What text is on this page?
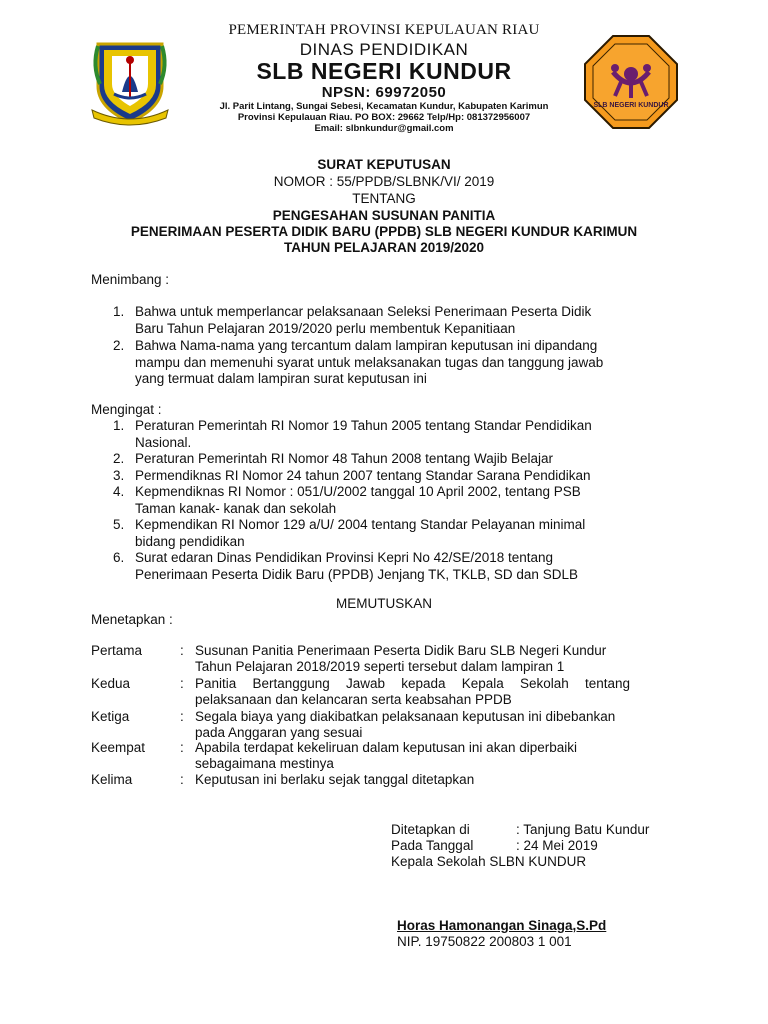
PEMERINTAH PROVINSI KEPULAUAN RIAU
DINAS PENDIDIKAN
SLB NEGERI KUNDUR
NPSN: 69972050
Jl. Parit Lintang, Sungai Sebesi, Kecamatan Kundur, Kabupaten Karimun
Provinsi Kepulauan Riau. PO BOX: 29662 Telp/Hp: 081372956007
Email: slbnkundur@gmail.com
SLB NEGERI KUNDUR
SURAT KEPUTUSAN
NOMOR : 55/PPDB/SLBNK/VI/ 2019
TENTANG
PENGESAHAN SUSUNAN PANITIA
PENERIMAAN PESERTA DIDIK BARU (PPDB) SLB NEGERI KUNDUR KARIMUN
TAHUN PELAJARAN 2019/2020
Menimbang :
1. Bahwa untuk memperlancar pelaksanaan Seleksi Penerimaan Peserta Didik
Baru Tahun Pelajaran 2019/2020 perlu membentuk Kepanitiaan
2. Bahwa Nama-nama yang tercantum dalam lampiran keputusan ini dipandang
mampu dan memenuhi syarat untuk melaksanakan tugas dan tanggung jawab
yang termuat dalam lampiran surat keputusan ini
Mengingat :
1. Peraturan Pemerintah RI Nomor 19 Tahun 2005 tentang Standar Pendidikan
Nasional.
2. Peraturan Pemerintah RI Nomor 48 Tahun 2008 tentang Wajib Belajar
3. Permendiknas RI Nomor 24 tahun 2007 tentang Standar Sarana Pendidikan
4. Kepmendiknas RI Nomor : 051/U/2002 tanggal 10 April 2002, tentang PSB
Taman kanak- kanak dan sekolah
5. Kepmendikan RI Nomor 129 a/U/ 2004 tentang Standar Pelayanan minimal
bidang pendidikan
6. Surat edaran Dinas Pendidikan Provinsi Kepri No 42/SE/2018 tentang
Penerimaan Peserta Didik Baru (PPDB) Jenjang TK, TKLB, SD dan SDLB
MEMUTUSKAN
Menetapkan :
Pertama	: Susunan Panitia Penerimaan Peserta Didik Baru SLB Negeri Kundur
Tahun Pelajaran 2018/2019 seperti tersebut dalam lampiran 1
Kedua	: Panitia Bertanggung Jawab kepada Kepala Sekolah tentang
pelaksanaan dan kelancaran serta keabsahan PPDB
Ketiga	: Segala biaya yang diakibatkan pelaksanaan keputusan ini dibebankan
pada Anggaran yang sesuai
Keempat	: Apabila terdapat kekeliruan dalam keputusan ini akan diperbaiki
sebagaimana mestinya
Kelima	: Keputusan ini berlaku sejak tanggal ditetapkan
Ditetapkan di	: Tanjung Batu Kundur
Pada Tanggal	: 24 Mei 2019
Kepala Sekolah SLBN KUNDUR
Horas Hamonangan Sinaga,S.Pd
NIP. 19750822 200803 1 001
